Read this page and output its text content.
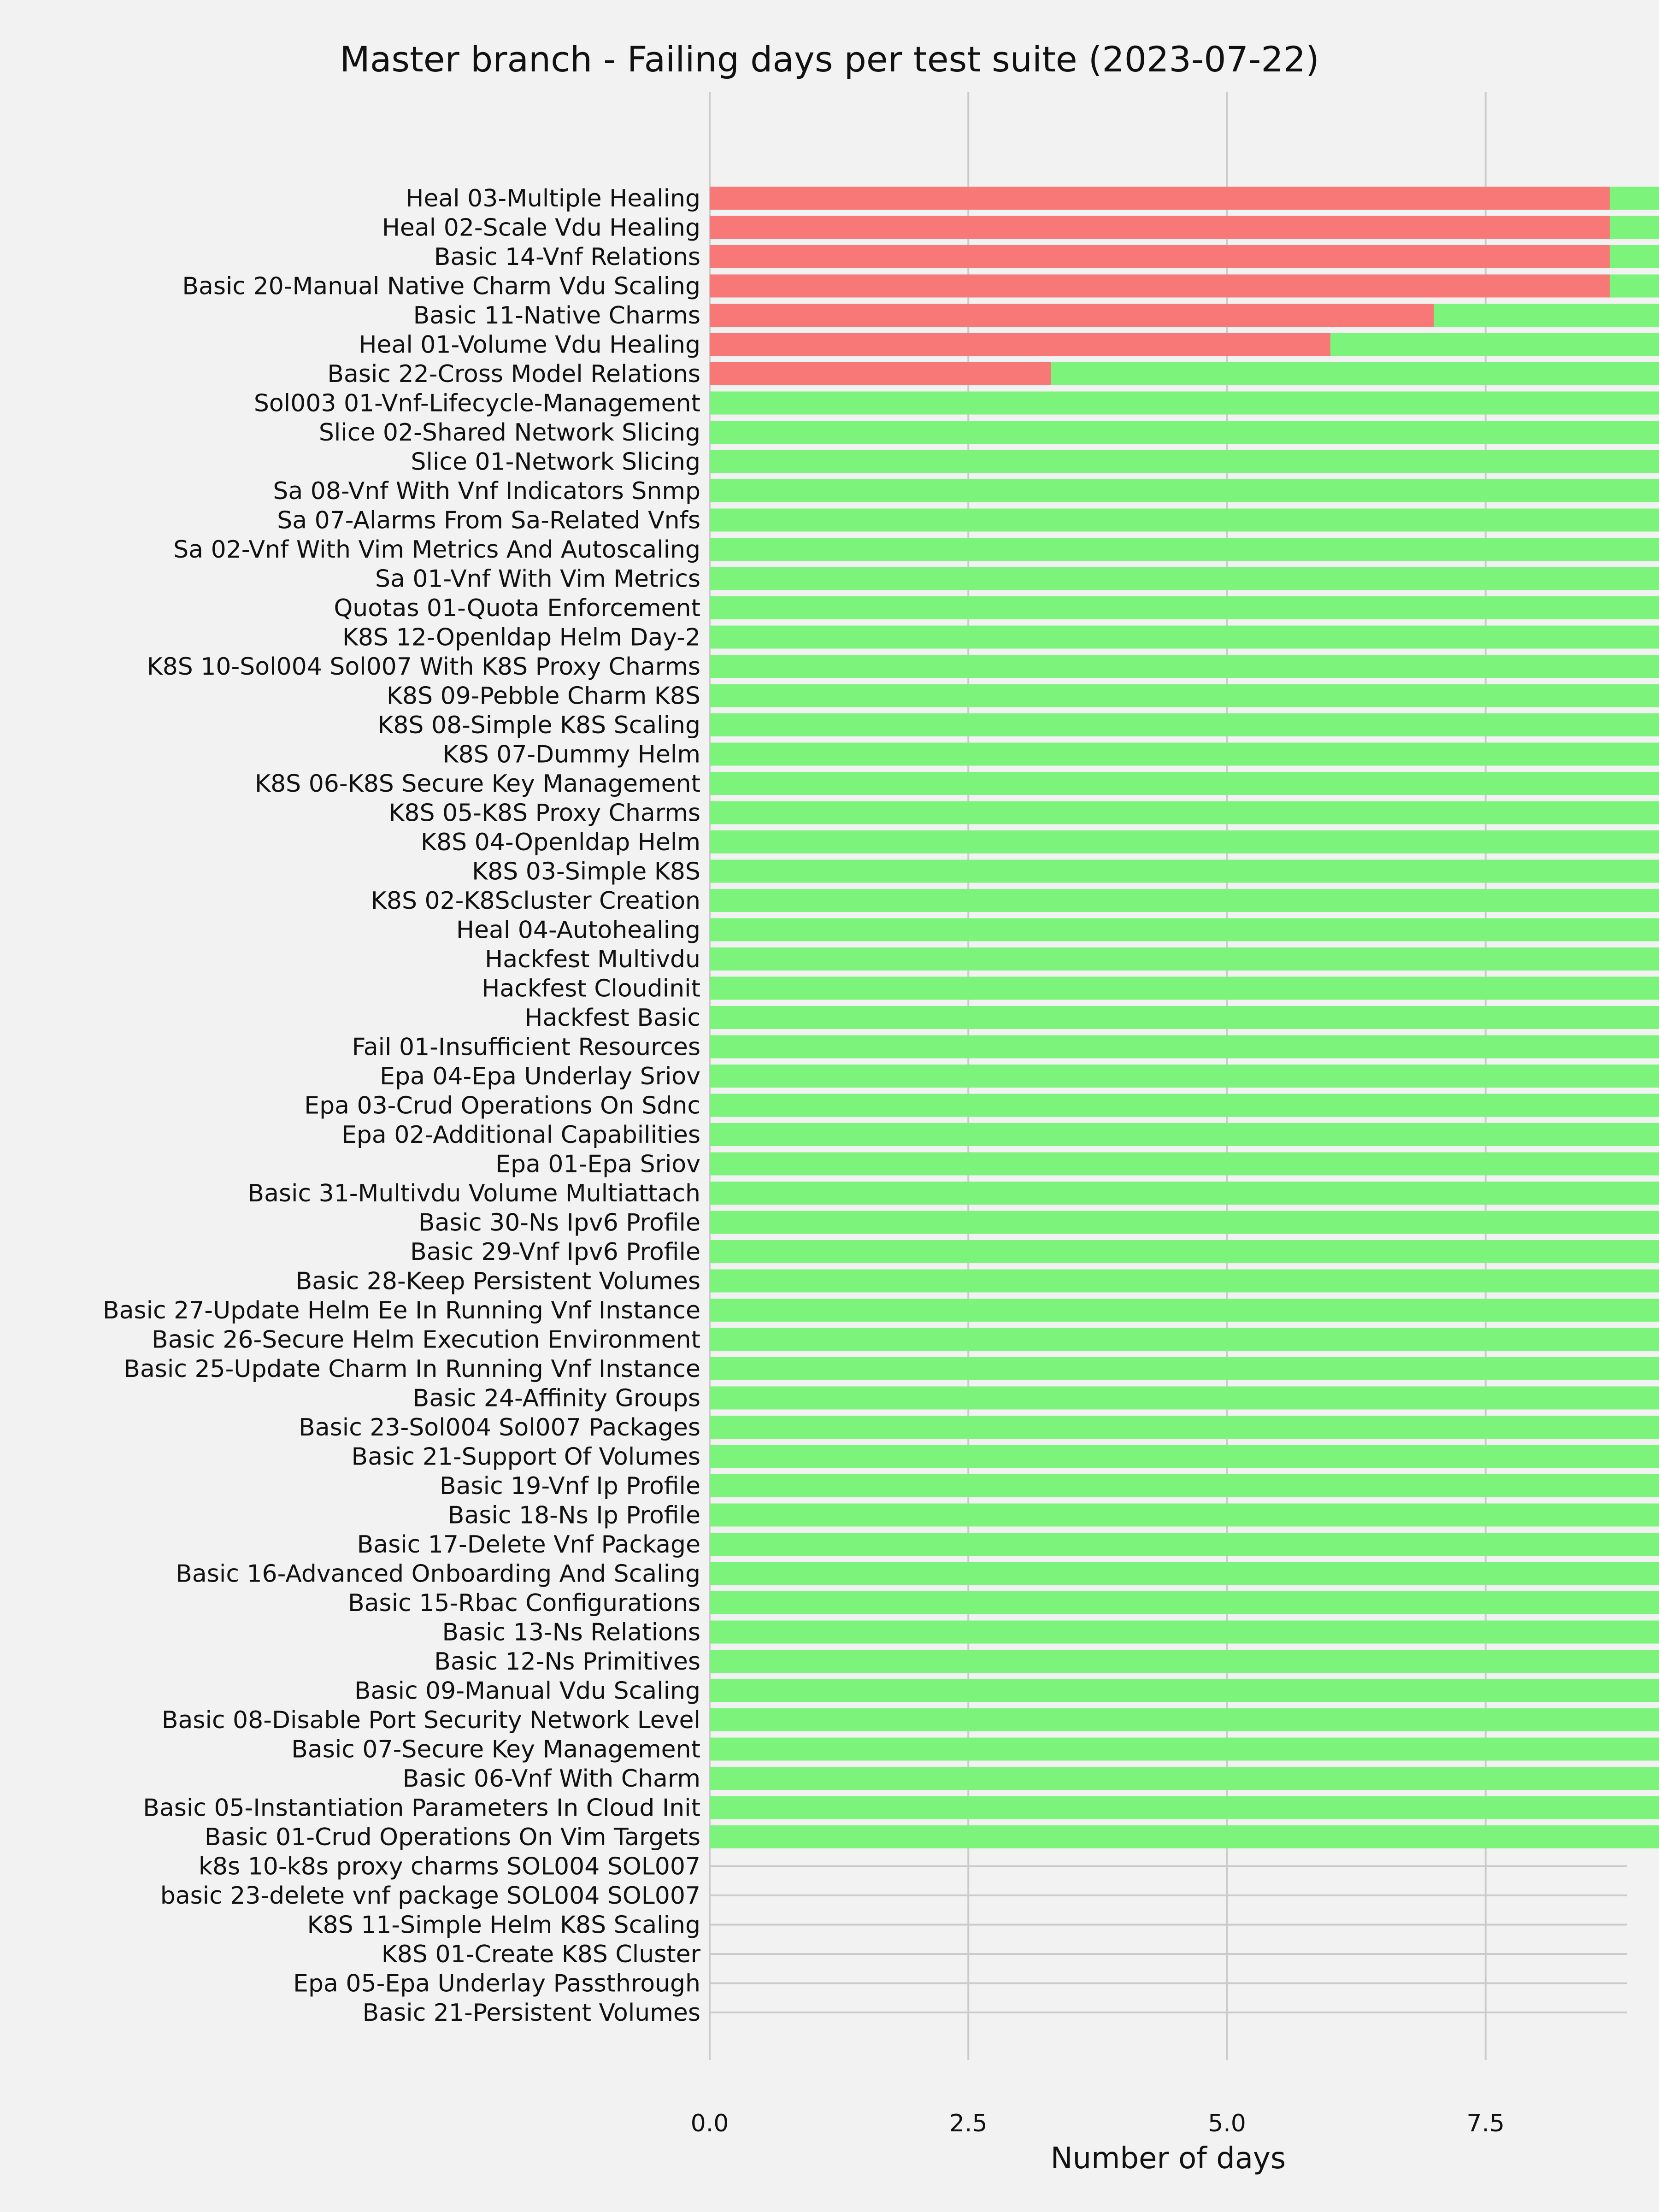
Master branch - Failing days per test suite (2023-07-22)
Heal 03-Multiple Healing
Heal 02-Scale Vdu Healing
Basic 14-Vnf Relations
Basic 20-Manual Native Charm Vdu Scaling
Basic 11-Native Charms
Heal 01-Volume Vdu Healing
Basic 22-Cross Model Relations
Sol003 01-Vnf-Lifecycle-Management
Slice 02-Shared Network Slicing
Slice 01-Network Slicing
Sa 08-Vnf With Vnf Indicators Snmp
Sa 07-Alarms From Sa-Related Vnfs
Sa 02-Vnf With Vim Metrics And Autoscaling
Sa 01-Vnf With Vim Metrics
Quotas 01-Quota Enforcement
K8S 12-Openldap Helm Day-2
K8S 10-Sol004 Sol007 With K8S Proxy Charms
K8S 09-Pebble Charm K8S
K8S 08-Simple K8S Scaling
K8S 07-Dummy Helm
K8S 06-K8S Secure Key Management
K8S 05-K8S Proxy Charms
K8S 04-Openldap Helm
K8S 03-Simple K8S
K8S 02-K8Scluster Creation
Heal 04-Autohealing
Hackfest Multivdu
Hackfest Cloudinit
Hackfest Basic
Fail 01-Insufficient Resources
Epa 04-Epa Underlay Sriov
Epa 03-Crud Operations On Sdnc
Epa 02-Additional Capabilities
Epa 01-Epa Sriov
Basic 31-Multivdu Volume Multiattach
Basic 30-Ns Ipv6 Profile
Basic 29-Vnf Ipv6 Profile
Basic 28-Keep Persistent Volumes
Basic 27-Update Helm Ee In Running Vnf Instance
Basic 26-Secure Helm Execution Environment
Basic 25-Update Charm In Running Vnf Instance
Basic 24-Affinity Groups
Basic 23-Sol004 Sol007 Packages
Basic 21-Support Of Volumes
Basic 19-Vnf Ip Profile
Basic 18-Ns Ip Profile
Basic 17-Delete Vnf Package
Basic 16-Advanced Onboarding And Scaling
Basic 15-Rbac Configurations
Basic 13-Ns Relations
Basic 12-Ns Primitives
Basic 09-Manual Vdu Scaling
Basic 08-Disable Port Security Network Level
Basic 07-Secure Key Management
Basic 06-Vnf With Charm
Basic 05-Instantiation Parameters In Cloud Init
Basic 01-Crud Operations On Vim Targets
k8s 10-k8s proxy charms SOL004 SOL007
basic 23-delete vnf package SOL004 SOL007
K8S 11-Simple Helm K8S Scaling
K8S 01-Create K8S Cluster
Epa 05-Epa Underlay Passthrough
Basic 21-Persistent Volumes
0.0	2.5	5.0	7.5
Number of days
